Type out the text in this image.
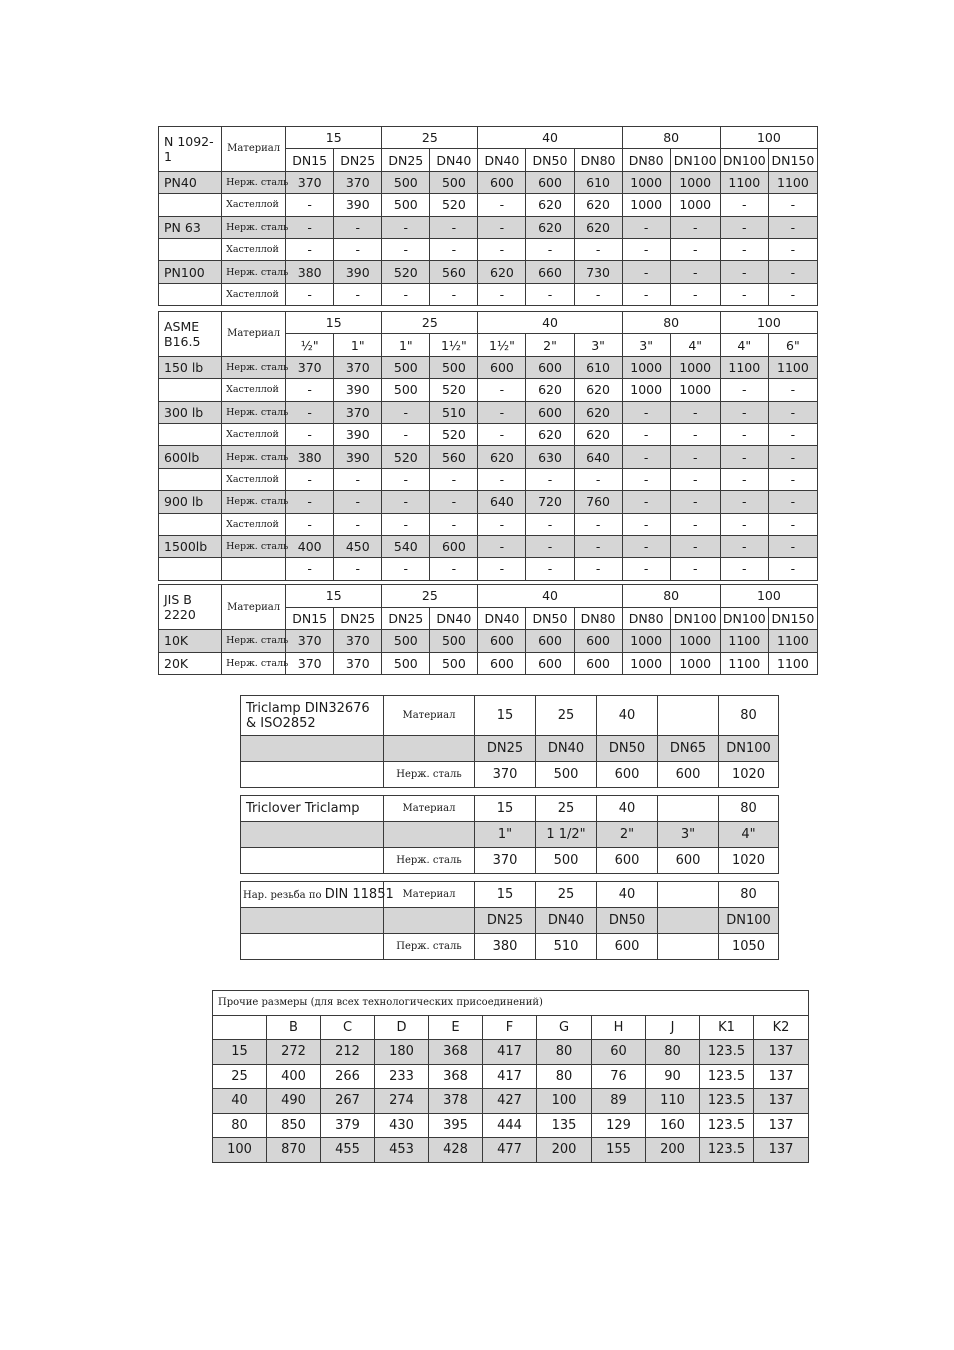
N 1092-1	Материал	15		25		40			80		100	
		DN15	DN25	DN25	DN40	DN40	DN50	DN80	DN80	DN100	DN100	DN150
PN40	Нерж. сталь	370	370	500	500	600	600	610	1000	1000	1100	1100
	Хастеллой	-	390	500	520	-	620	620	1000	1000	-	-
PN 63	Нерж. сталь	-	-	-	-	-	620	620	-	-	-	-
	Хастеллой	-	-	-	-	-	-	-	-	-	-	-
PN100	Нерж. сталь	380	390	520	560	620	660	730	-	-	-	-
	Хастеллой	-	-	-	-	-	-	-	-	-	-	-
ASME
B16.5	Материал	15		25		40			80		100	
		½"	1"	1"	1½"	1½"	2"	3"	3"	4"	4"	6"
150 lb	Нерж. сталь	370	370	500	500	600	600	610	1000	1000	1100	1100
	Хастеллой	-	390	500	520	-	620	620	1000	1000	-	-
300 lb	Нерж. сталь	-	370	-	510	-	600	620	-	-	-	-
	Хастеллой	-	390	-	520	-	620	620	-	-	-	-
600lb	Нерж. сталь	380	390	520	560	620	630	640	-	-	-	-
	Хастеллой	-	-	-	-	-	-	-	-	-	-	-
900 lb	Нерж. сталь	-	-	-	-	640	720	760	-	-	-	-
	Хастеллой	-	-	-	-	-	-	-	-	-	-	-
1500lb	Нерж. сталь	400	450	540	600	-	-	-	-	-	-	-
		-	-	-	-	-	-	-	-	-	-	-
JIS B
2220	Материал	15		25		40			80		100	
		DN15	DN25	DN25	DN40	DN40	DN50	DN80	DN80	DN100	DN100	DN150
10K	Нерж. сталь	370	370	500	500	600	600	600	1000	1000	1100	1100
20K	Нерж. сталь	370	370	500	500	600	600	600	1000	1000	1100	1100
Triclamp DIN32676 & ISO2852	Материал	15	25	40		80
		DN25	DN40	DN50	DN65	DN100
	Нерж. сталь	370	500	600	600	1020

Triclover Triclamp	Материал	15	25	40		80
		1"	1 1/2"	2"	3"	4"
	Нерж. сталь	370	500	600	600	1020

Нар. резьба по DIN 11851	Материал	15	25	40		80
		DN25	DN40	DN50		DN100
	Перж. сталь	380	510	600		1050
Прочие размеры (для всех технологических присоединений)										
	B	C	D	E	F	G	H	J	K1	K2
15	272	212	180	368	417	80	60	80	123.5	137
25	400	266	233	368	417	80	76	90	123.5	137
40	490	267	274	378	427	100	89	110	123.5	137
80	850	379	430	395	444	135	129	160	123.5	137
100	870	455	453	428	477	200	155	200	123.5	137
